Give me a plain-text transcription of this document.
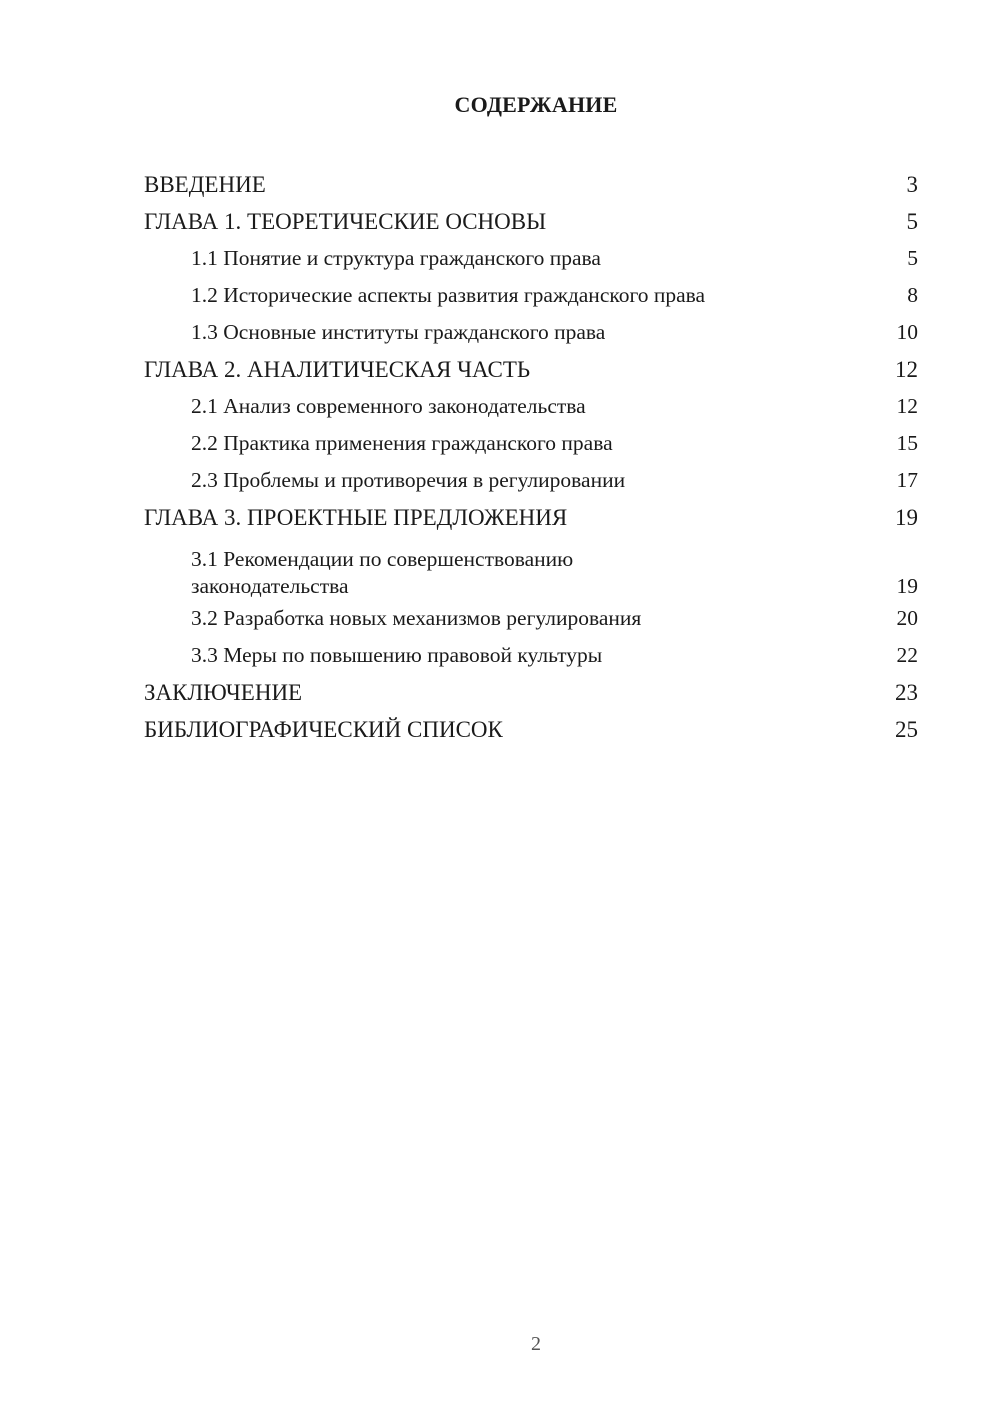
СОДЕРЖАНИЕ
ВВЕДЕНИЕ	3
ГЛАВА 1. ТЕОРЕТИЧЕСКИЕ ОСНОВЫ	5
1.1 Понятие и структура гражданского права	5
1.2 Исторические аспекты развития гражданского права	8
1.3 Основные институты гражданского права	10
ГЛАВА 2. АНАЛИТИЧЕСКАЯ ЧАСТЬ	12
2.1 Анализ современного законодательства	12
2.2 Практика применения гражданского права	15
2.3 Проблемы и противоречия в регулировании	17
ГЛАВА 3. ПРОЕКТНЫЕ ПРЕДЛОЖЕНИЯ	19
3.1 Рекомендации по совершенствованию
законодательства	19
3.2 Разработка новых механизмов регулирования	20
3.3 Меры по повышению правовой культуры	22
ЗАКЛЮЧЕНИЕ	23
БИБЛИОГРАФИЧЕСКИЙ СПИСОК	25
2
